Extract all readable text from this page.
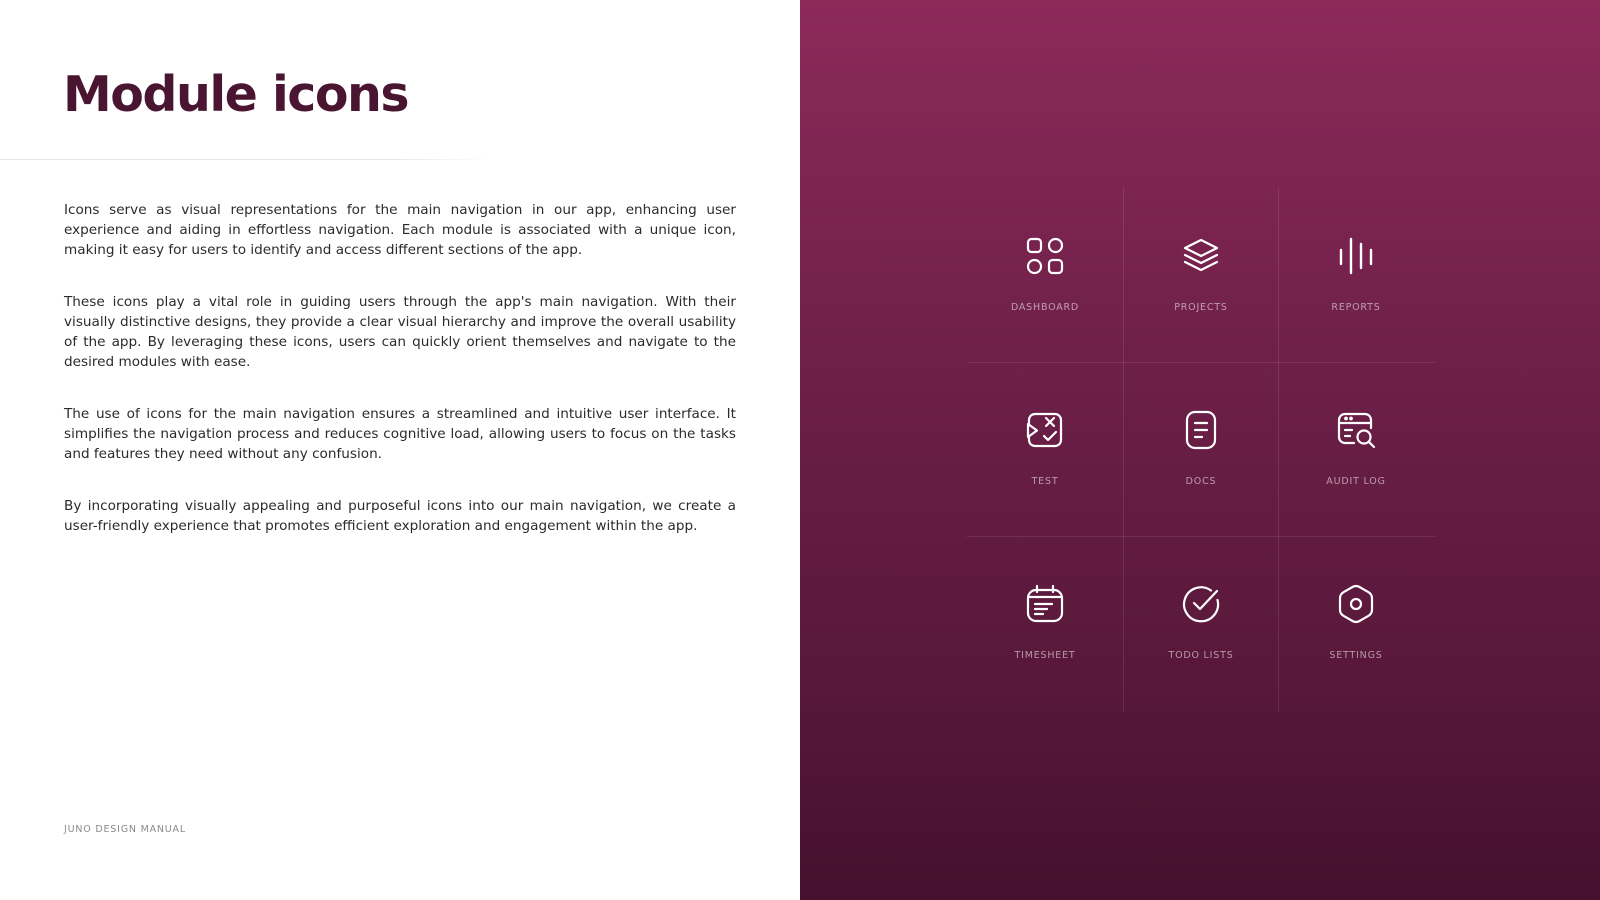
Module icons

Icons serve as visual representations for the main navigation in our app, enhancing user experience and aiding in effortless navigation. Each module is associated with a unique icon, making it easy for users to identify and access different sections of the app.

These icons play a vital role in guiding users through the app's main navigation. With their visually distinctive designs, they provide a clear visual hierarchy and improve the overall usability of the app. By leveraging these icons, users can quickly orient themselves and navigate to the desired modules with ease.

The use of icons for the main navigation ensures a streamlined and intuitive user interface. It simplifies the navigation process and reduces cognitive load, allowing users to focus on the tasks and features they need without any confusion.

By incorporating visually appealing and purposeful icons into our main navigation, we create a user-friendly experience that promotes efficient exploration and engagement within the app.

JUNO DESIGN MANUAL
DASHBOARD	PROJECTS	REPORTS
TEST	DOCS	AUDIT LOG
TIMESHEET	TODO LISTS	SETTINGS
